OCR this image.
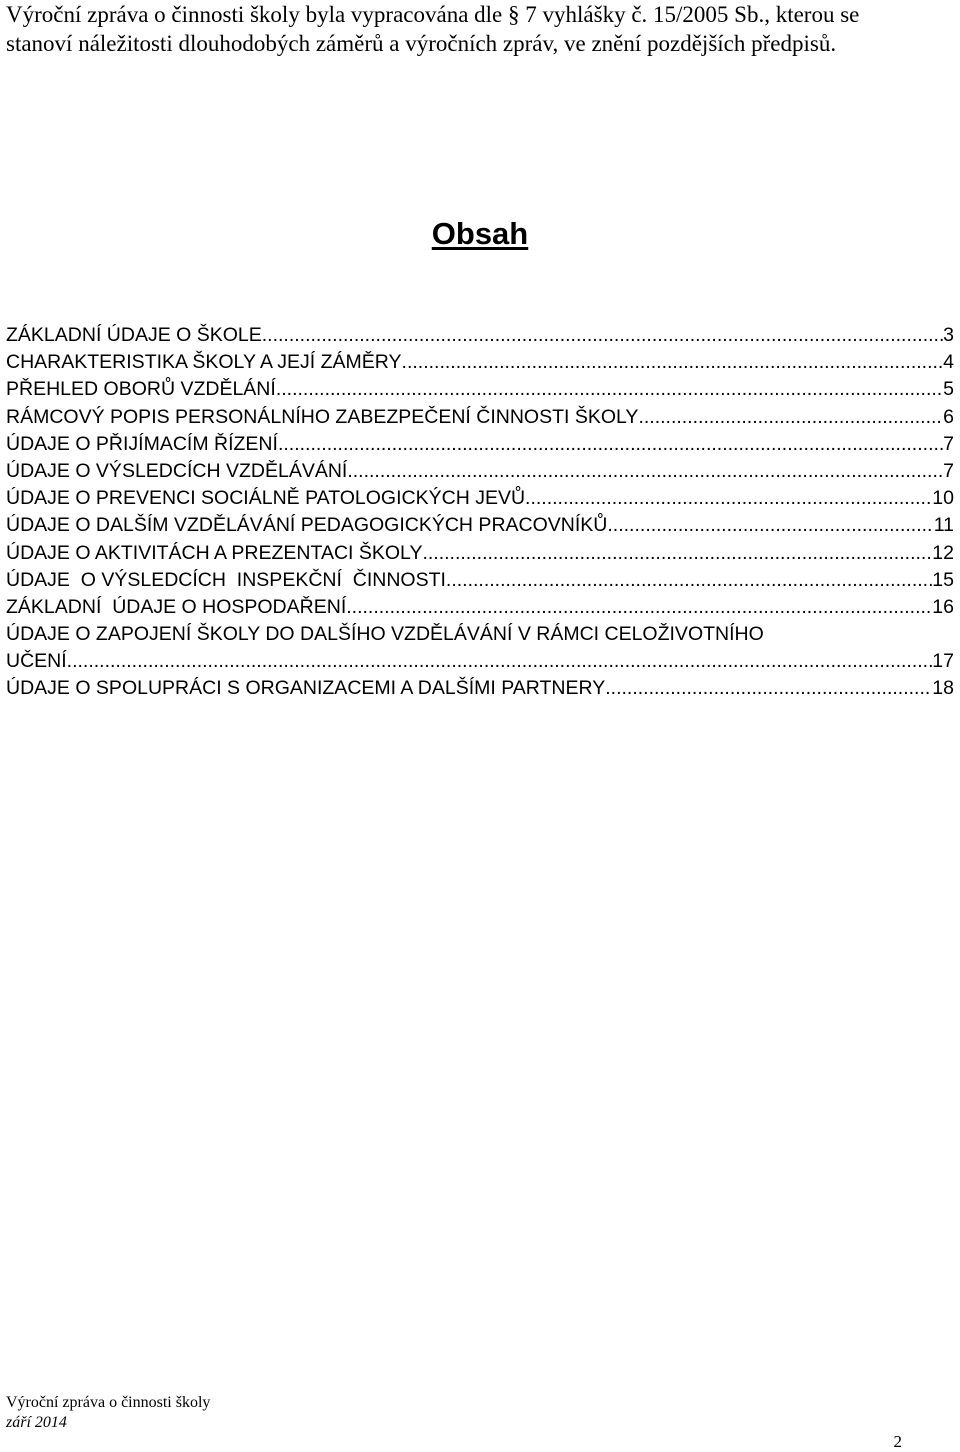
Výroční zpráva o činnosti školy byla vypracována dle § 7 vyhlášky č. 15/2005 Sb., kterou se
stanoví náležitosti dlouhodobých záměrů a výročních zpráv, ve znění pozdějších předpisů.
Obsah
ZÁKLADNÍ ÚDAJE O ŠKOLE .....	3
CHARAKTERISTIKA ŠKOLY A JEJÍ ZÁMĚRY .....	4
PŘEHLED OBORŮ VZDĚLÁNÍ .....	5
RÁMCOVÝ POPIS PERSONÁLNÍHO ZABEZPEČENÍ ČINNOSTI ŠKOLY .....	6
ÚDAJE O PŘIJÍMACÍM ŘÍZENÍ .....	7
ÚDAJE O VÝSLEDCÍCH VZDĚLÁVÁNÍ .....	7
ÚDAJE O PREVENCI SOCIÁLNĚ PATOLOGICKÝCH JEVŮ .....	10
ÚDAJE O DALŠÍM VZDĚLÁVÁNÍ PEDAGOGICKÝCH PRACOVNÍKŮ .....	11
ÚDAJE O AKTIVITÁCH A PREZENTACI ŠKOLY .....	12
ÚDAJE  O VÝSLEDCÍCH  INSPEKČNÍ  ČINNOSTI .....	15
ZÁKLADNÍ  ÚDAJE O HOSPODAŘENÍ .....	16
ÚDAJE O ZAPOJENÍ ŠKOLY DO DALŠÍHO VZDĚLÁVÁNÍ V RÁMCI CELOŽIVOTNÍHO
UČENÍ .....	17
ÚDAJE O SPOLUPRÁCI S ORGANIZACEMI A DALŠÍMI PARTNERY .....	18
Výroční zpráva o činnosti školy
září 2014
2
